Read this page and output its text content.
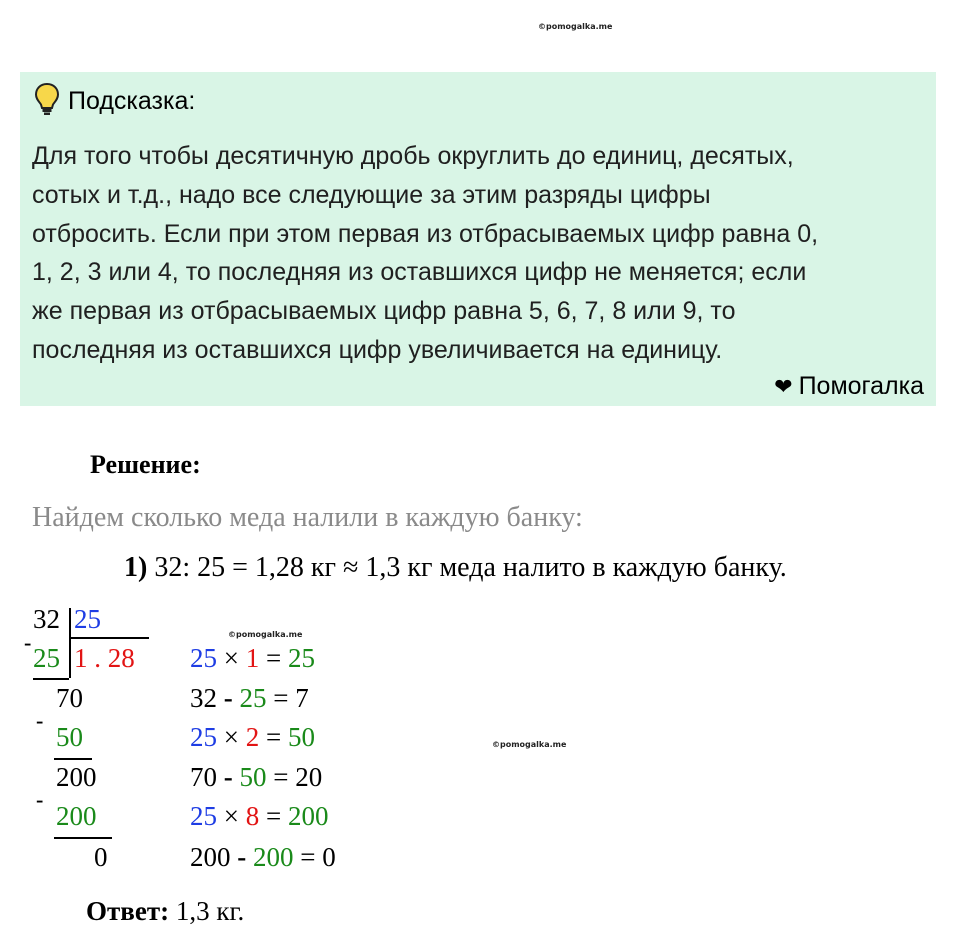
©pomogalka.me
©pomogalka.me
©pomogalka.me
Подсказка:
Для того чтобы десятичную дробь округлить до единиц, десятых,
сотых и т.д., надо все следующие за этим разряды цифры
отбросить. Если при этом первая из отбрасываемых цифр равна 0,
1, 2, 3 или 4, то последняя из оставшихся цифр не меняется; если
же первая из отбрасываемых цифр равна 5, 6, 7, 8 или 9, то
последняя из оставшихся цифр увеличивается на единицу.
❤ Помогалка
Решение:
Найдем сколько меда налили в каждую банку:
1) 32: 25 = 1,28 кг ≈ 1,3 кг меда налито в каждую банку.
32 25
-
25 1 . 28
70
-
50
200
-
200
0
25 × 1 = 25
32 - 25 = 7
25 × 2 = 50
70 - 50 = 20
25 × 8 = 200
200 - 200 = 0
Ответ: 1,3 кг.
